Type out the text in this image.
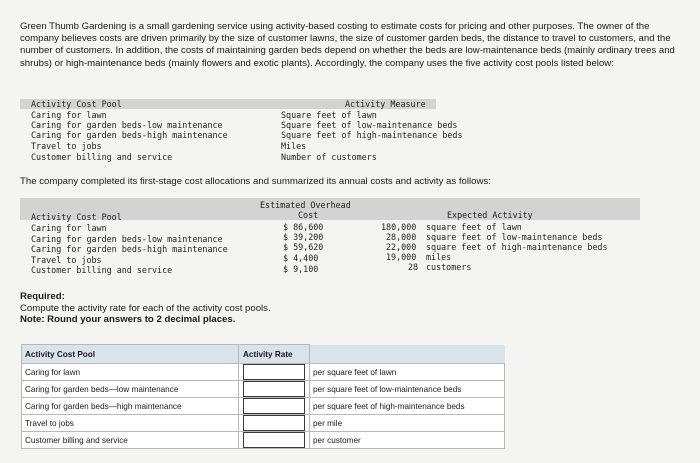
Green Thumb Gardening is a small gardening service using activity-based costing to estimate costs for pricing and other purposes. The owner of the company believes costs are driven primarily by the size of customer lawns, the size of customer garden beds, the distance to travel to customers, and the number of customers. In addition, the costs of maintaining garden beds depend on whether the beds are low-maintenance beds (mainly ordinary trees and shrubs) or high-maintenance beds (mainly flowers and exotic plants). Accordingly, the company uses the five activity cost pools listed below:

Activity Cost Pool	Activity Measure
Caring for lawn	Square feet of lawn
Caring for garden beds-low maintenance	Square feet of low-maintenance beds
Caring for garden beds-high maintenance	Square feet of high-maintenance beds
Travel to jobs	Miles
Customer billing and service	Number of customers
The company completed its first-stage cost allocations and summarized its annual costs and activity as follows:
Estimated Overhead
Cost
Activity Cost Pool	Expected Activity
Caring for lawn	$ 86,600	180,000 square feet of lawn
Caring for garden beds-low maintenance	$ 39,200	28,000 square feet of low-maintenance beds
Caring for garden beds-high maintenance	$ 59,620	22,000 square feet of high-maintenance beds
Travel to jobs	$ 4,400	19,000 miles
Customer billing and service	$ 9,100	28 customers
Required:
Compute the activity rate for each of the activity cost pools.
Note: Round your answers to 2 decimal places.
Activity Cost Pool	Activity Rate	
Caring for lawn		per square feet of lawn
Caring for garden beds—low maintenance		per square feet of low-maintenance beds
Caring for garden beds—high maintenance		per square feet of high-maintenance beds
Travel to jobs		per mile
Customer billing and service		per customer
